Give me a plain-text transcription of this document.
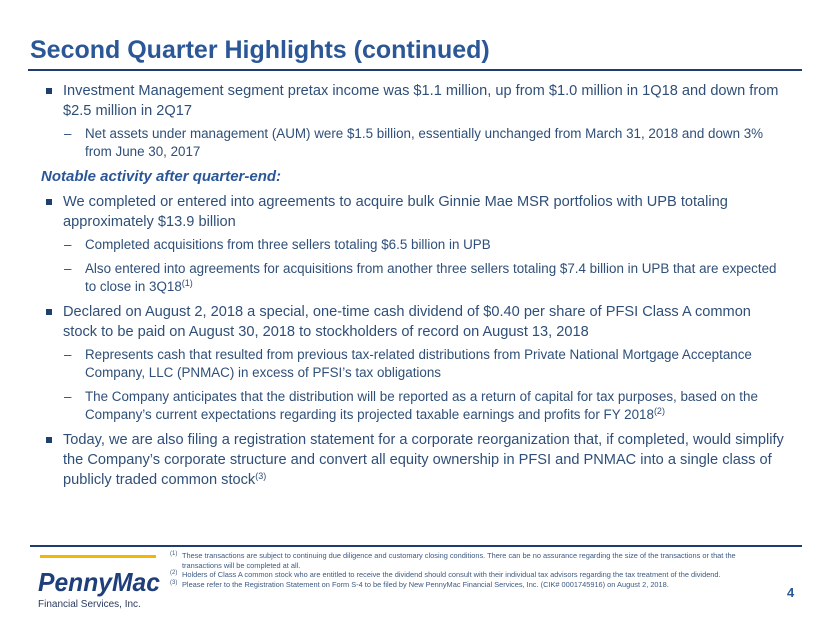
Second Quarter Highlights (continued)
Investment Management segment pretax income was $1.1 million, up from $1.0 million in 1Q18 and down from $2.5 million in 2Q17
– Net assets under management (AUM) were $1.5 billion, essentially unchanged from March 31, 2018 and down 3% from June 30, 2017
Notable activity after quarter-end:
We completed or entered into agreements to acquire bulk Ginnie Mae MSR portfolios with UPB totaling approximately $13.9 billion
– Completed acquisitions from three sellers totaling $6.5 billion in UPB
– Also entered into agreements for acquisitions from another three sellers totaling $7.4 billion in UPB that are expected to close in 3Q18$^{(1)}$
Declared on August 2, 2018 a special, one-time cash dividend of $0.40 per share of PFSI Class A common stock to be paid on August 30, 2018 to stockholders of record on August 13, 2018
– Represents cash that resulted from previous tax-related distributions from Private National Mortgage Acceptance Company, LLC (PNMAC) in excess of PFSI’s tax obligations
– The Company anticipates that the distribution will be reported as a return of capital for tax purposes, based on the Company’s current expectations regarding its projected taxable earnings and profits for FY 2018$^{(2)}$
Today, we are also filing a registration statement for a corporate reorganization that, if completed, would simplify the Company’s corporate structure and convert all equity ownership in PFSI and PNMAC into a single class of publicly traded common stock$^{(3)}$
PennyMac
Financial Services, Inc.
(1) These transactions are subject to continuing due diligence and customary closing conditions. There can be no assurance regarding the size of the transactions or that the transactions will be completed at all.
(2) Holders of Class A common stock who are entitled to receive the dividend should consult with their individual tax advisors regarding the tax treatment of the dividend.
(3) Please refer to the Registration Statement on Form S-4 to be filed by New PennyMac Financial Services, Inc. (CIK# 0001745916) on August 2, 2018.
4
